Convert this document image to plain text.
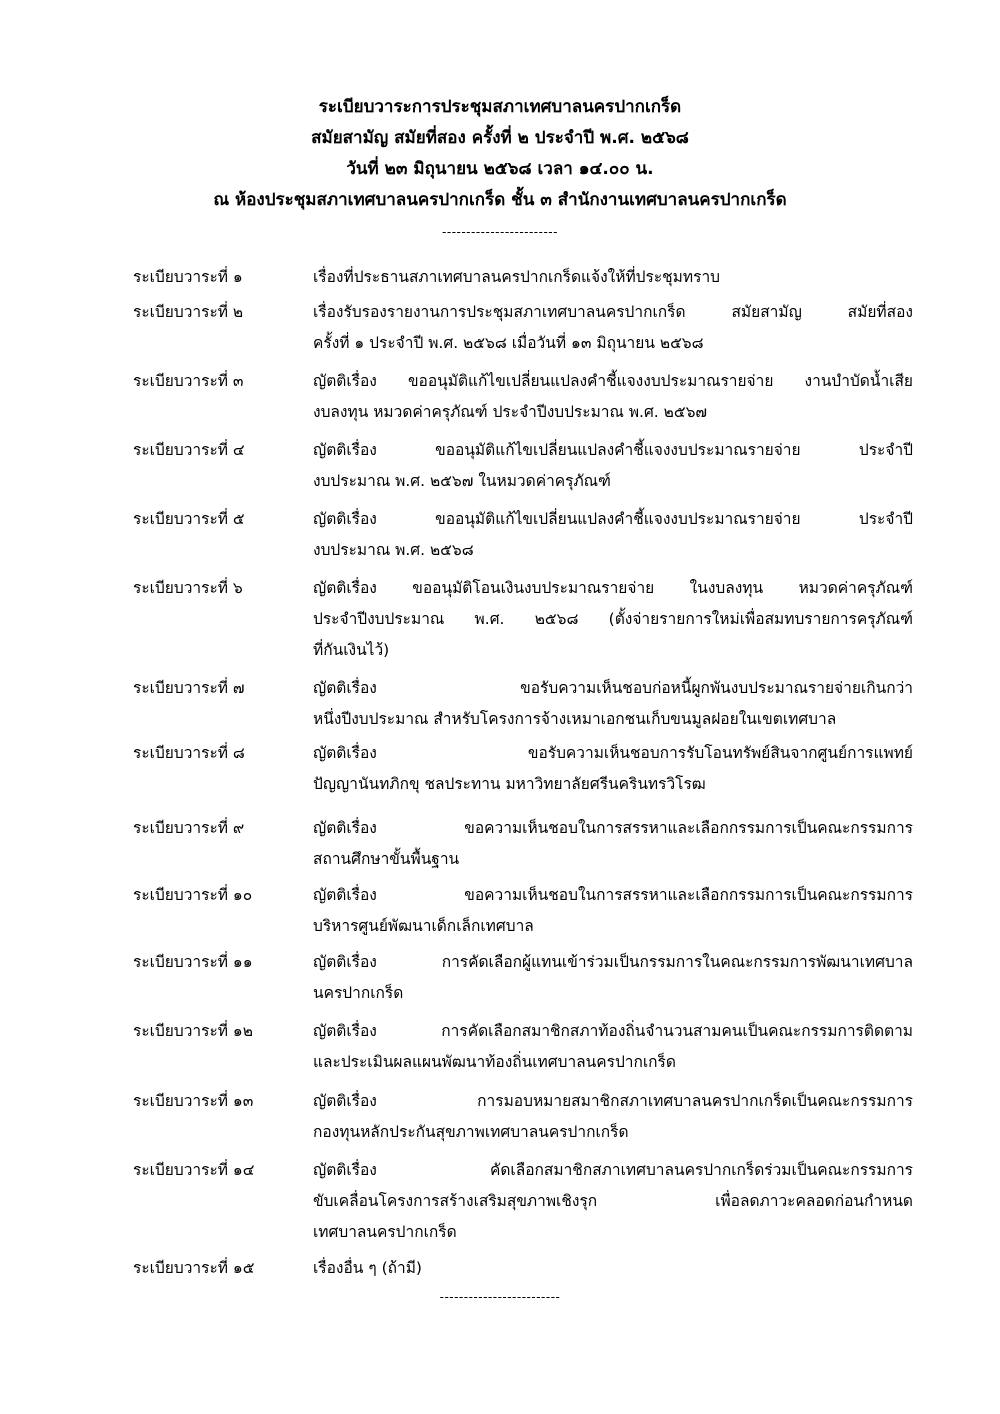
ระเบียบวาระการประชุมสภาเทศบาลนครปากเกร็ด
สมัยสามัญ สมัยที่สอง ครั้งที่ ๒ ประจำปี พ.ศ. ๒๕๖๘
วันที่ ๒๓ มิถุนายน ๒๕๖๘ เวลา ๑๔.๐๐ น.
ณ ห้องประชุมสภาเทศบาลนครปากเกร็ด ชั้น ๓ สำนักงานเทศบาลนครปากเกร็ด
------------------------
ระเบียบวาระที่ ๑	เรื่องที่ประธานสภาเทศบาลนครปากเกร็ดแจ้งให้ที่ประชุมทราบ
ระเบียบวาระที่ ๒	เรื่องรับรองรายงานการประชุมสภาเทศบาลนครปากเกร็ด สมัยสามัญ สมัยที่สอง
ครั้งที่ ๑ ประจำปี พ.ศ. ๒๕๖๘ เมื่อวันที่ ๑๓ มิถุนายน ๒๕๖๘
ระเบียบวาระที่ ๓	ญัตติเรื่อง ขออนุมัติแก้ไขเปลี่ยนแปลงคำชี้แจงงบประมาณรายจ่าย งานบำบัดน้ำเสีย
งบลงทุน หมวดค่าครุภัณฑ์ ประจำปีงบประมาณ พ.ศ. ๒๕๖๗
ระเบียบวาระที่ ๔	ญัตติเรื่อง ขออนุมัติแก้ไขเปลี่ยนแปลงคำชี้แจงงบประมาณรายจ่าย ประจำปี
งบประมาณ พ.ศ. ๒๕๖๗ ในหมวดค่าครุภัณฑ์
ระเบียบวาระที่ ๕	ญัตติเรื่อง ขออนุมัติแก้ไขเปลี่ยนแปลงคำชี้แจงงบประมาณรายจ่าย ประจำปี
งบประมาณ พ.ศ. ๒๕๖๘
ระเบียบวาระที่ ๖	ญัตติเรื่อง ขออนุมัติโอนเงินงบประมาณรายจ่าย ในงบลงทุน หมวดค่าครุภัณฑ์
ประจำปีงบประมาณ พ.ศ. ๒๕๖๘ (ตั้งจ่ายรายการใหม่เพื่อสมทบรายการครุภัณฑ์
ที่กันเงินไว้)
ระเบียบวาระที่ ๗	ญัตติเรื่อง ขอรับความเห็นชอบก่อหนี้ผูกพันงบประมาณรายจ่ายเกินกว่า
หนึ่งปีงบประมาณ สำหรับโครงการจ้างเหมาเอกชนเก็บขนมูลฝอยในเขตเทศบาล
ระเบียบวาระที่ ๘	ญัตติเรื่อง ขอรับความเห็นชอบการรับโอนทรัพย์สินจากศูนย์การแพทย์
ปัญญานันทภิกขุ ชลประทาน มหาวิทยาลัยศรีนครินทรวิโรฒ
ระเบียบวาระที่ ๙	ญัตติเรื่อง ขอความเห็นชอบในการสรรหาและเลือกกรรมการเป็นคณะกรรมการ
สถานศึกษาขั้นพื้นฐาน
ระเบียบวาระที่ ๑๐	ญัตติเรื่อง ขอความเห็นชอบในการสรรหาและเลือกกรรมการเป็นคณะกรรมการ
บริหารศูนย์พัฒนาเด็กเล็กเทศบาล
ระเบียบวาระที่ ๑๑	ญัตติเรื่อง การคัดเลือกผู้แทนเข้าร่วมเป็นกรรมการในคณะกรรมการพัฒนาเทศบาล
นครปากเกร็ด
ระเบียบวาระที่ ๑๒	ญัตติเรื่อง การคัดเลือกสมาชิกสภาท้องถิ่นจำนวนสามคนเป็นคณะกรรมการติดตาม
และประเมินผลแผนพัฒนาท้องถิ่นเทศบาลนครปากเกร็ด
ระเบียบวาระที่ ๑๓	ญัตติเรื่อง การมอบหมายสมาชิกสภาเทศบาลนครปากเกร็ดเป็นคณะกรรมการ
กองทุนหลักประกันสุขภาพเทศบาลนครปากเกร็ด
ระเบียบวาระที่ ๑๔	ญัตติเรื่อง คัดเลือกสมาชิกสภาเทศบาลนครปากเกร็ดร่วมเป็นคณะกรรมการ
ขับเคลื่อนโครงการสร้างเสริมสุขภาพเชิงรุก เพื่อลดภาวะคลอดก่อนกำหนด
เทศบาลนครปากเกร็ด
ระเบียบวาระที่ ๑๕	เรื่องอื่น ๆ (ถ้ามี)
-------------------------
